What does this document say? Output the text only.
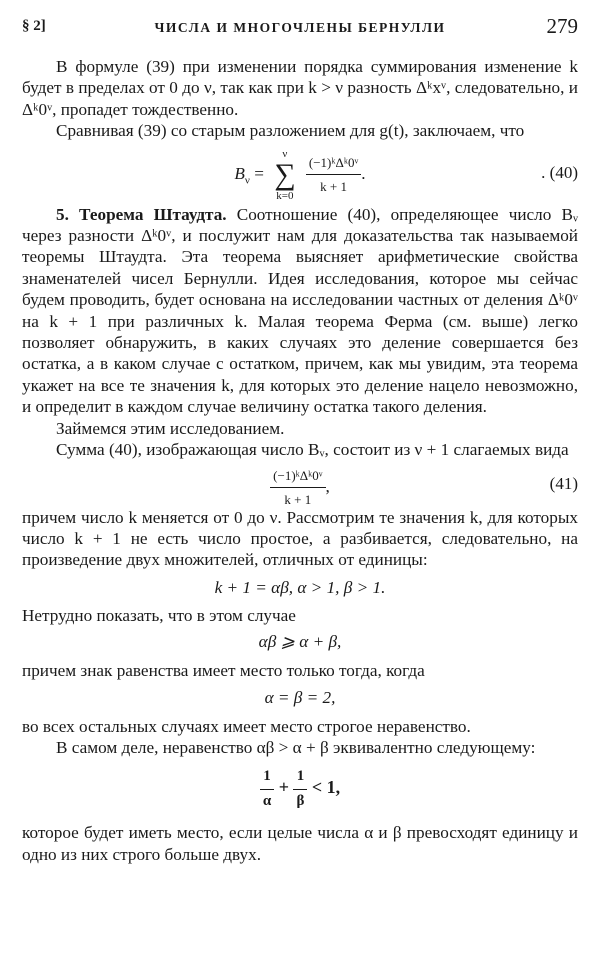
§ 2]	ЧИСЛА И МНОГОЧЛЕНЫ БЕРНУЛЛИ	279

В формуле (39) при изменении порядка суммирования изменение k будет в пределах от 0 до ν, так как при k > ν разность Δᵏxᵛ, следовательно, и Δᵏ0ᵛ, пропадет тождественно.

Сравнивая (39) со старым разложением для g(t), заключаем, что

$B_\nu$ =
ν
∑
k=0
$\frac{\text{(−1)ᵏΔᵏ0ᵛ}}{k + 1}$ .	. (40)

5. Теорема Штаудта. Соотношение (40), определяющее число Bᵥ через разности Δᵏ0ᵛ, и послужит нам для доказательства так называемой теоремы Штаудта. Эта теорема выясняет арифметические свойства знаменателей чисел Бернулли. Идея исследования, которое мы сейчас будем проводить, будет основана на исследовании частных от деления Δᵏ0ᵛ на k + 1 при различных k. Малая теорема Ферма (см. выше) легко позволяет обнаружить, в каких случаях это деление совершается без остатка, а в каком случае с остатком, причем, как мы увидим, эта теорема укажет на все те значения k, для которых это деление нацело невозможно, и определит в каждом случае величину остатка такого деления.

Займемся этим исследованием.

Сумма (40), изображающая число Bᵥ, состоит из ν + 1 слагаемых вида

$\frac{\text{(−1)ᵏΔᵏ0ᵛ}}{k + 1}$ ,	(41)

причем число k меняется от 0 до ν. Рассмотрим те значения k, для которых число k + 1 не есть число простое, а разбивается, следовательно, на произведение двух множителей, отличных от единицы:

k + 1 = αβ, α > 1, β > 1.

Нетрудно показать, что в этом случае

αβ ⩾ α + β,

причем знак равенства имеет место только тогда, когда

α = β = 2,

во всех остальных случаях имеет место строгое неравенство.

В самом деле, неравенство αβ > α + β эквивалентно следующему:

$\frac{1}{\alpha} + \frac{1}{\beta} < 1$,

которое будет иметь место, если целые числа α и β превосходят единицу и одно из них строго больше двух.
